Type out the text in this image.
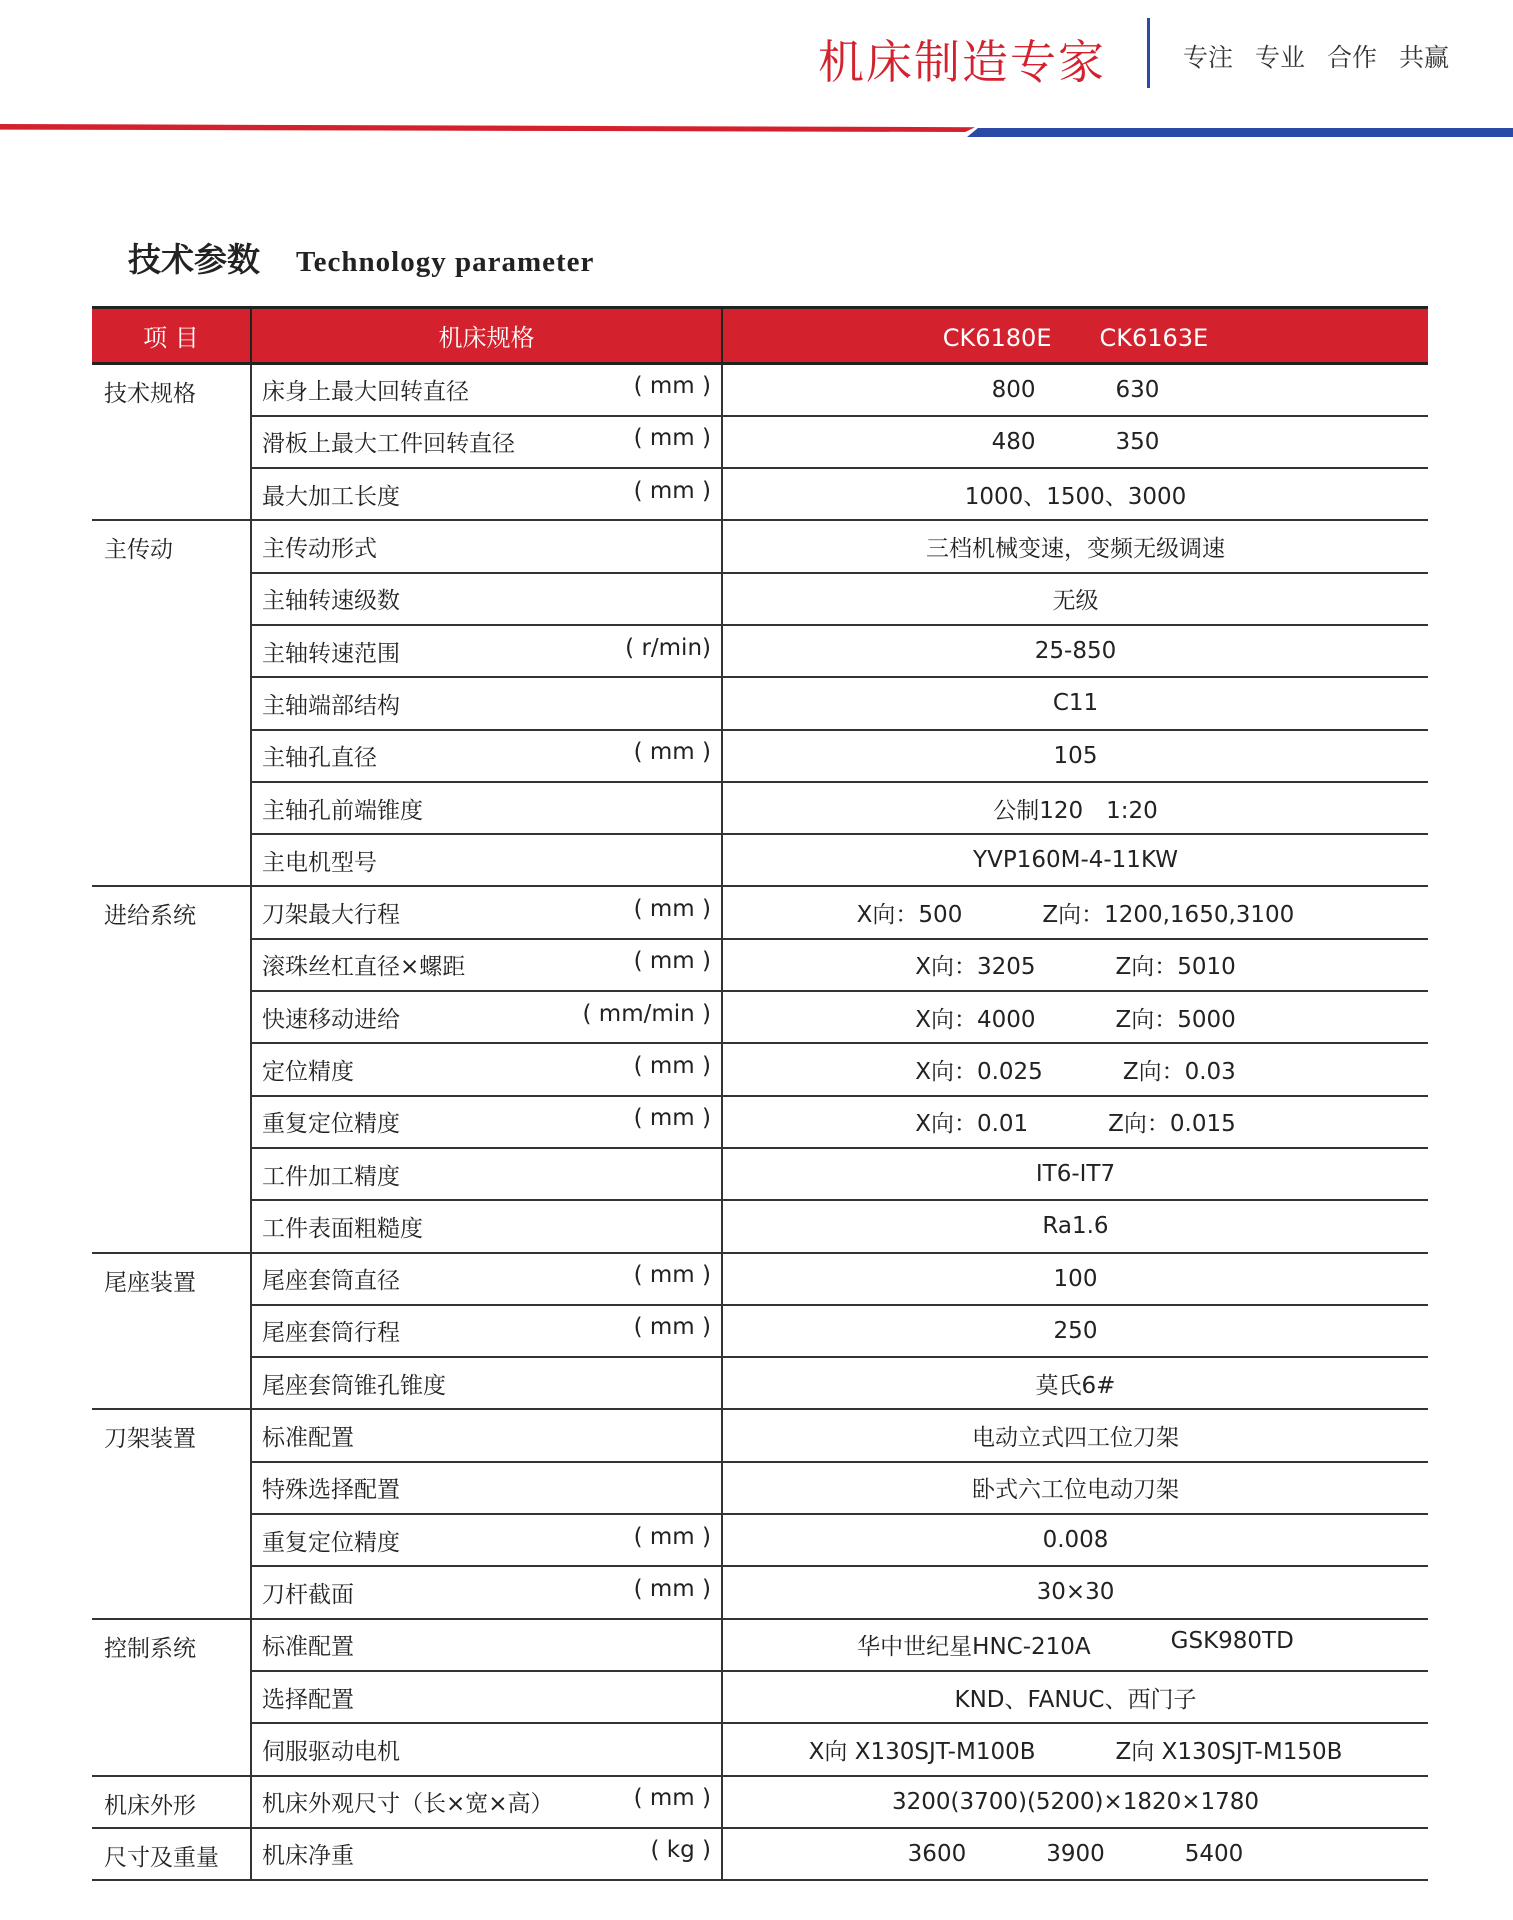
机床制造专家	专注 专业 合作 共赢
技术参数 Technology parameter
项 目	机床规格	CK6180E　　CK6163E
技术规格	床身上最大回转直径 ( mm )	800 630

	滑板上最大工件回转直径 ( mm )	480 350

	最大加工长度 ( mm )	1000、1500、3000

主传动	主传动形式	三档机械变速，变频无级调速

	主轴转速级数	无级

	主轴转速范围 ( r/min)	25-850

	主轴端部结构	C11

	主轴孔直径 ( mm )	105

	主轴孔前端锥度	公制120　1:20

	主电机型号	YVP160M-4-11KW

进给系统	刀架最大行程 ( mm )	X向：500 Z向：1200,1650,3100

	滚珠丝杠直径×螺距 ( mm )	X向：3205 Z向：5010

	快速移动进给 ( mm/min )	X向：4000 Z向：5000

	定位精度 ( mm )	X向：0.025 Z向：0.03

	重复定位精度 ( mm )	X向：0.01 Z向：0.015

	工件加工精度	IT6-IT7

	工件表面粗糙度	Ra1.6

尾座装置	尾座套筒直径 ( mm )	100

	尾座套筒行程 ( mm )	250

	尾座套筒锥孔锥度	莫氏6#

刀架装置	标准配置	电动立式四工位刀架

	特殊选择配置	卧式六工位电动刀架

	重复定位精度 ( mm )	0.008

	刀杆截面 ( mm )	30×30

控制系统	标准配置	华中世纪星HNC-210A GSK980TD

	选择配置	KND、FANUC、西门子

	伺服驱动电机	X向 X130SJT-M100B Z向 X130SJT-M150B

机床外形	机床外观尺寸（长×宽×高） ( mm )	3200(3700)(5200)×1820×1780

尺寸及重量	机床净重 ( kg )	3600 3900 5400
